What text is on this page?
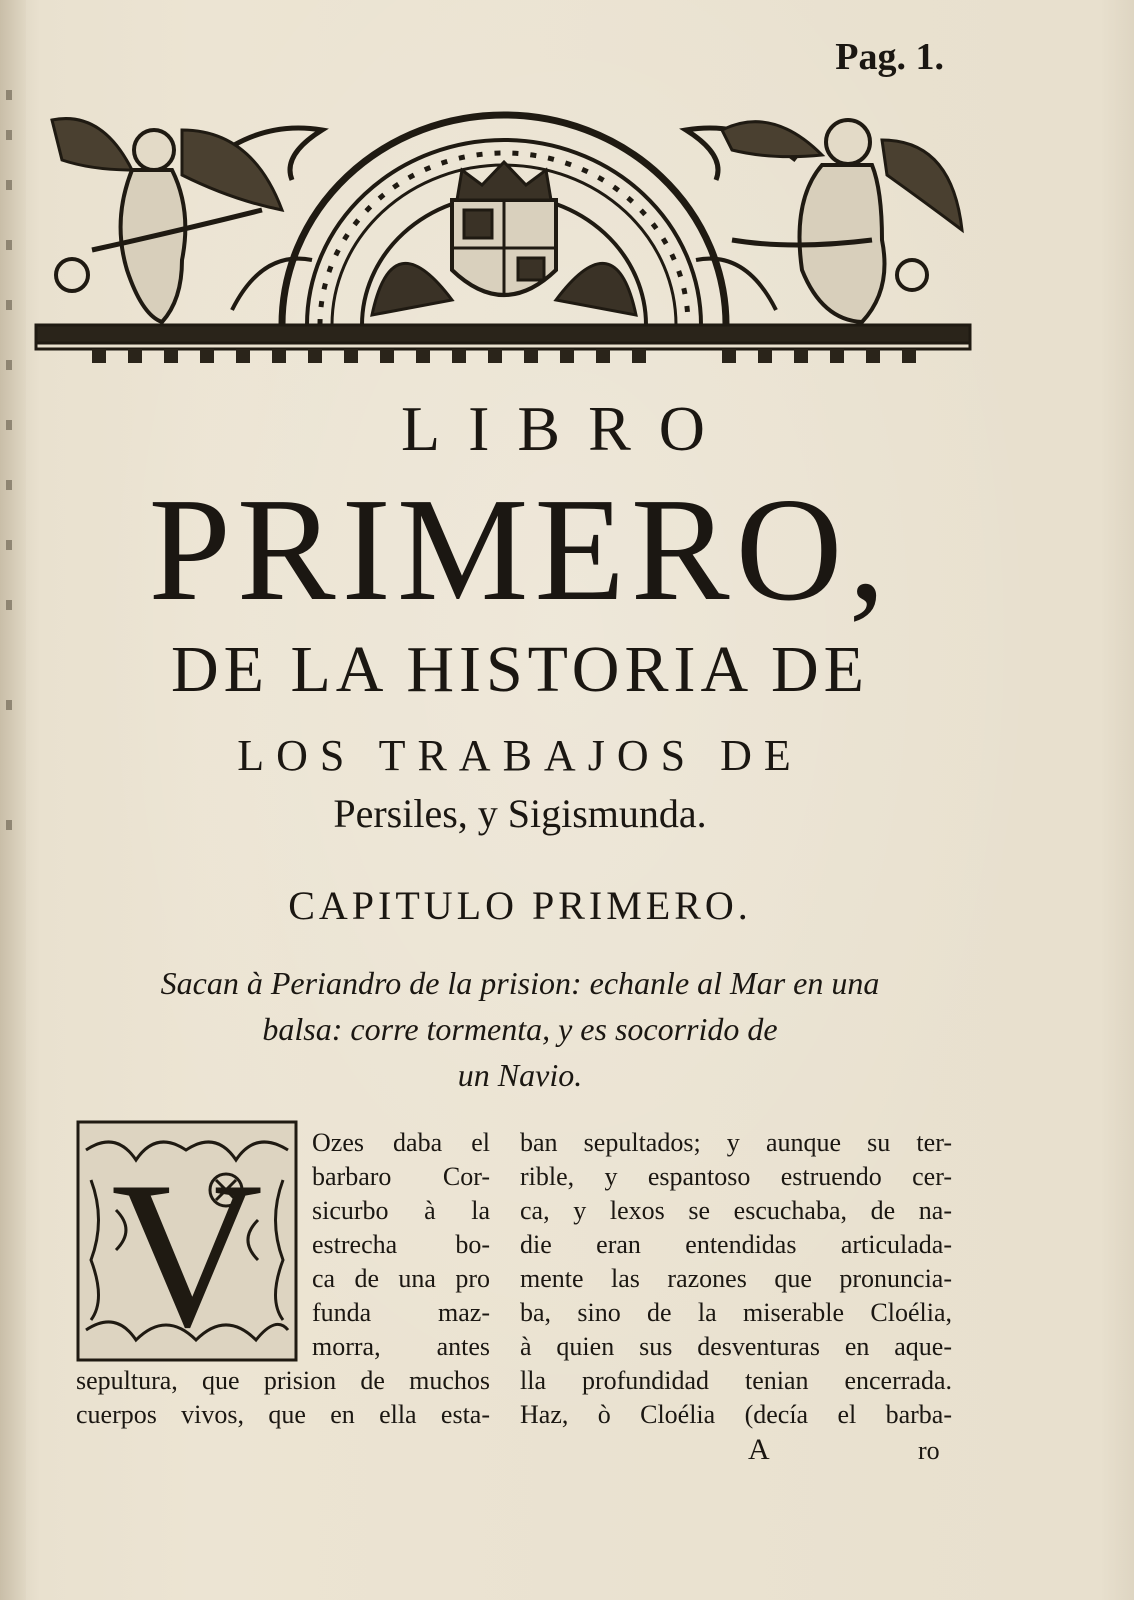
Pag. 1.
LIBRO
PRIMERO,
DE LA HISTORIA DE
LOS TRABAJOS DE
Persiles, y Sigismunda.
CAPITULO PRIMERO.
Sacan à Periandro de la prision: echanle al Mar en una
balsa: corre tormenta, y es socorrido de
un Navio.
V Ozes daba el
barbaro Cor-
sicurbo à la
estrecha bo-
ca de una pro
funda maz-
morra, antes
sepultura, que prision de muchos
cuerpos vivos, que en ella esta-
ban sepultados; y aunque su ter-
rible, y espantoso estruendo cer-
ca, y lexos se escuchaba, de na-
die eran entendidas articulada-
mente las razones que pronuncia-
ba, sino de la miserable Cloélia,
à quien sus desventuras en aque-
lla profundidad tenian encerrada.
Haz, ò Cloélia (decía el barba-
A	ro
